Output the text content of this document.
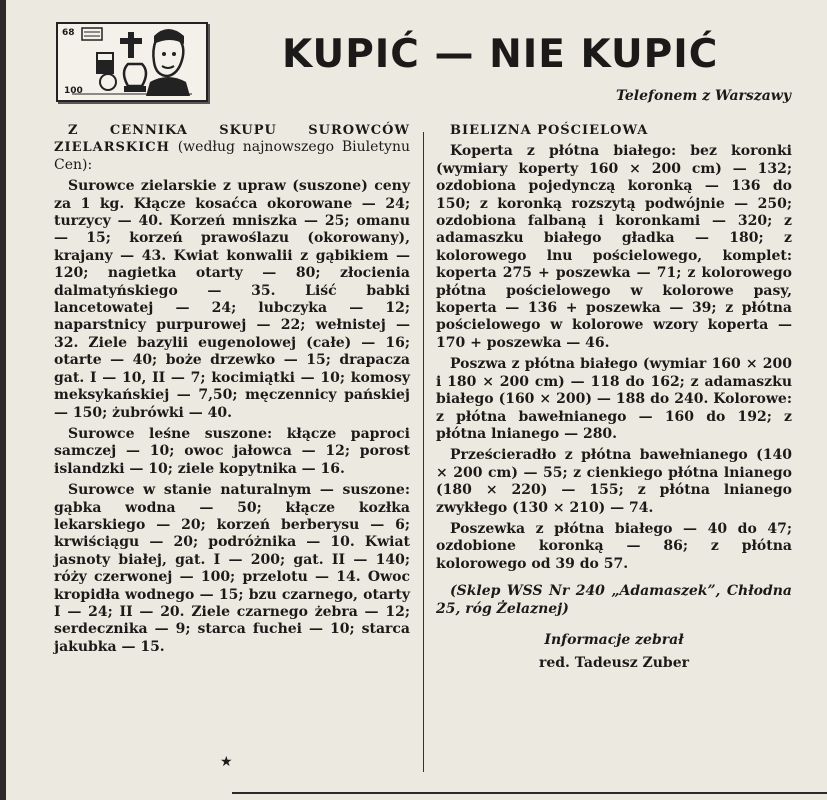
68
100
KUPIĆ — NIE KUPIĆ
Telefonem z Warszawy

Z CENNIKA SKUPU SUROWCÓW ZIELARSKICH (według najnowszego Biuletynu Cen):

Surowce zielarskie z upraw (suszone) ceny za 1 kg. Kłącze kosaćca okorowane — 24; turzycy — 40. Korzeń mniszka — 25; omanu — 15; korzeń prawoślazu (okorowany), krajany — 43. Kwiat konwalii z gąbikiem — 120; nagietka otarty — 80; złocienia dalmatyńskiego — 35. Liść babki lancetowatej — 24; lubczyka — 12; naparstnicy purpurowej — 22; wełnistej — 32. Ziele bazylii eugenolowej (całe) — 16; otarte — 40; boże drzewko — 15; drapacza gat. I — 10, II — 7; kocimiątki — 10; komosy meksykańskiej — 7,50; męczennicy pańskiej — 150; żubrówki — 40.

Surowce leśne suszone: kłącze paproci samczej — 10; owoc jałowca — 12; porost islandzki — 10; ziele kopytnika — 16.

Surowce w stanie naturalnym — suszone: gąbka wodna — 50; kłącze kozłka lekarskiego — 20; korzeń berberysu — 6; krwiściągu — 20; podróżnika — 10. Kwiat jasnoty białej, gat. I — 200; gat. II — 140; róży czerwonej — 100; przelotu — 14. Owoc kropidła wodnego — 15; bzu czarnego, otarty I — 24; II — 20. Ziele czarnego żebra — 12; serdecznika — 9; starca fuchei — 10; starca jakubka — 15.

★

BIELIZNA POŚCIELOWA

Koperta z płótna białego: bez koronki (wymiary koperty 160 × 200 cm) — 132; ozdobiona pojedynczą koronką — 136 do 150; z koronką rozszytą podwójnie — 250; ozdobiona falbaną i koronkami — 320; z adamaszku białego gładka — 180; z kolorowego lnu pościelowego, komplet: koperta 275 + poszewka — 71; z kolorowego płótna pościelowego w kolorowe pasy, koperta — 136 + poszewka — 39; z płótna pościelowego w kolorowe wzory koperta — 170 + poszewka — 46.

Poszwa z płótna białego (wymiar 160 × 200 i 180 × 200 cm) — 118 do 162; z adamaszku białego (160 × 200) — 188 do 240. Kolorowe: z płótna bawełnianego — 160 do 192; z płótna lnianego — 280.

Prześcieradło z płótna bawełnianego (140 × 200 cm) — 55; z cienkiego płótna lnianego (180 × 220) — 155; z płótna lnianego zwykłego (130 × 210) — 74.

Poszewka z płótna białego — 40 do 47; ozdobione koronką — 86; z płótna kolorowego od 39 do 57.

(Sklep WSS Nr 240 „Adamaszek”, Chłodna 25, róg Żelaznej)

Informacje zebrał

red. Tadeusz Zuber
